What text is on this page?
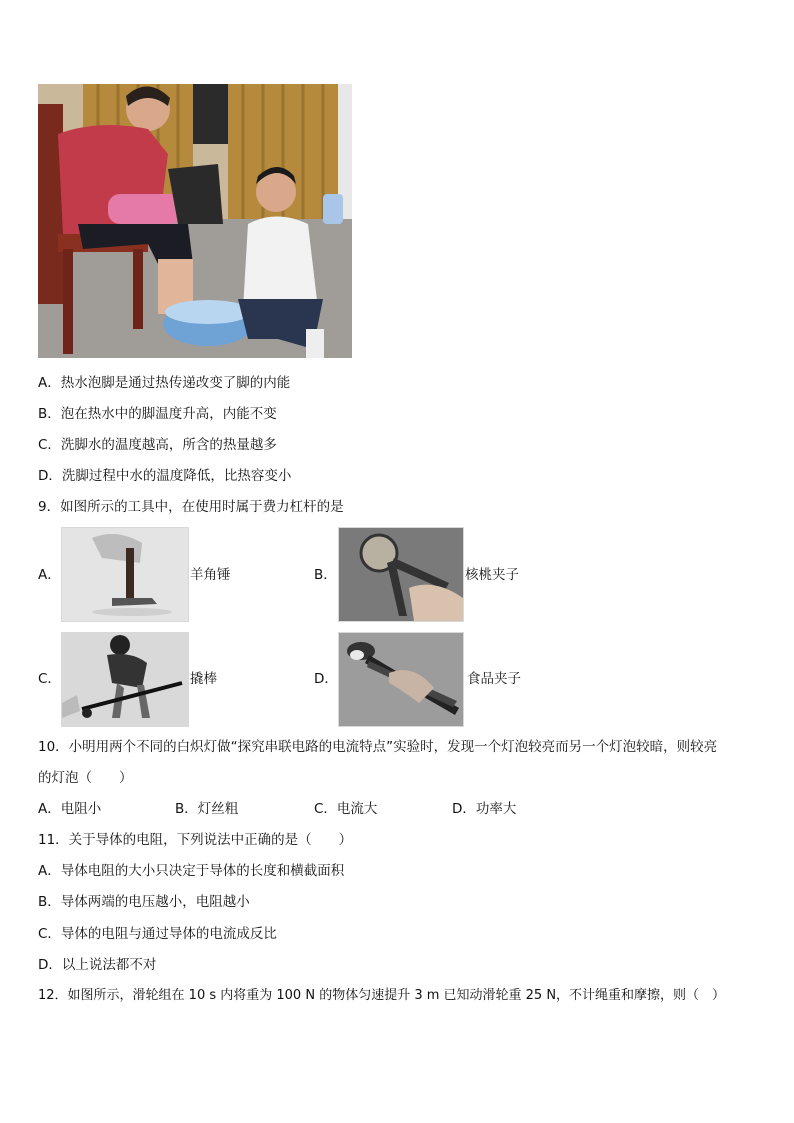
A．热水泡脚是通过热传递改变了脚的内能
B．泡在热水中的脚温度升高，内能不变
C．洗脚水的温度越高，所含的热量越多
D．洗脚过程中水的温度降低，比热容变小
9．如图所示的工具中，在使用时属于费力杠杆的是
A．	羊角锤	B．	核桃夹子
C．	撬棒	D．	食品夹子
10．小明用两个不同的白炽灯做“探究串联电路的电流特点”实验时，发现一个灯泡较亮而另一个灯泡较暗，则较亮
的灯泡（　　）
A．电阻小	B．灯丝粗	C．电流大	D．功率大
11．关于导体的电阻，下列说法中正确的是（　　）
A．导体电阻的大小只决定于导体的长度和横截面积
B．导体两端的电压越小，电阻越小
C．导体的电阻与通过导体的电流成反比
D．以上说法都不对
12．如图所示，滑轮组在 10 s 内将重为 100 N 的物体匀速提升 3 m 已知动滑轮重 25 N，不计绳重和摩擦，则（　）
